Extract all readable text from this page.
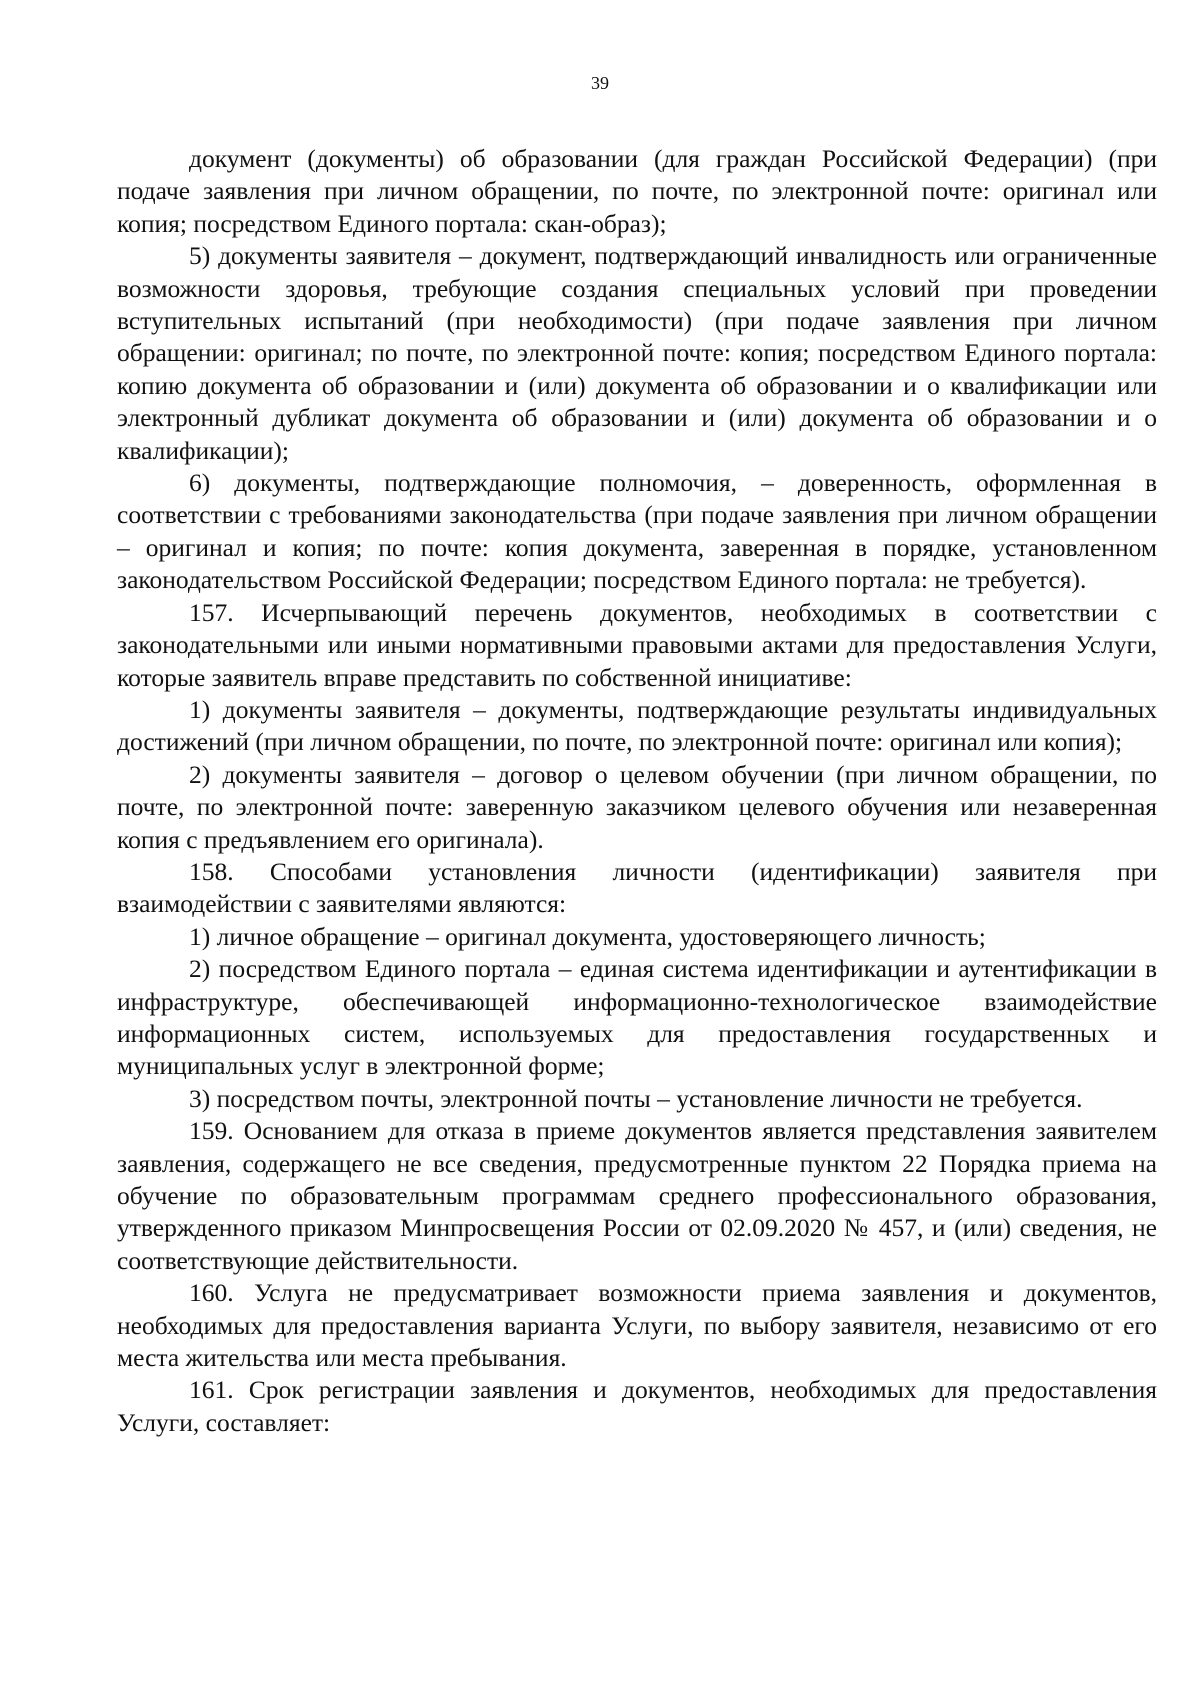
39

документ (документы) об образовании (для граждан Российской Федерации) (при подаче заявления при личном обращении, по почте, по электронной почте: оригинал или копия; посредством Единого портала: скан-образ);

5) документы заявителя – документ, подтверждающий инвалидность или ограниченные возможности здоровья, требующие создания специальных условий при проведении вступительных испытаний (при необходимости) (при подаче заявления при личном обращении: оригинал; по почте, по электронной почте: копия; посредством Единого портала: копию документа об образовании и (или) документа об образовании и о квалификации или электронный дубликат документа об образовании и (или) документа об образовании и о квалификации);

6) документы, подтверждающие полномочия, – доверенность, оформленная в соответствии с требованиями законодательства (при подаче заявления при личном обращении – оригинал и копия; по почте: копия документа, заверенная в порядке, установленном законодательством Российской Федерации; посредством Единого портала: не требуется).

157. Исчерпывающий перечень документов, необходимых в соответствии с законодательными или иными нормативными правовыми актами для предоставления Услуги, которые заявитель вправе представить по собственной инициативе:

1) документы заявителя – документы, подтверждающие результаты индивидуальных достижений (при личном обращении, по почте, по электронной почте: оригинал или копия);

2) документы заявителя – договор о целевом обучении (при личном обращении, по почте, по электронной почте: заверенную заказчиком целевого обучения или незаверенная копия с предъявлением его оригинала).

158. Способами установления личности (идентификации) заявителя при взаимодействии с заявителями являются:

1) личное обращение – оригинал документа, удостоверяющего личность;

2) посредством Единого портала – единая система идентификации и аутентификации в инфраструктуре, обеспечивающей информационно-технологическое взаимодействие информационных систем, используемых для предоставления государственных и муниципальных услуг в электронной форме;

3) посредством почты, электронной почты – установление личности не требуется.

159. Основанием для отказа в приеме документов является представления заявителем заявления, содержащего не все сведения, предусмотренные пунктом 22 Порядка приема на обучение по образовательным программам среднего профессионального образования, утвержденного приказом Минпросвещения России от 02.09.2020 № 457, и (или) сведения, не соответствующие действительности.

160. Услуга не предусматривает возможности приема заявления и документов, необходимых для предоставления варианта Услуги, по выбору заявителя, независимо от его места жительства или места пребывания.

161. Срок регистрации заявления и документов, необходимых для предоставления Услуги, составляет:
